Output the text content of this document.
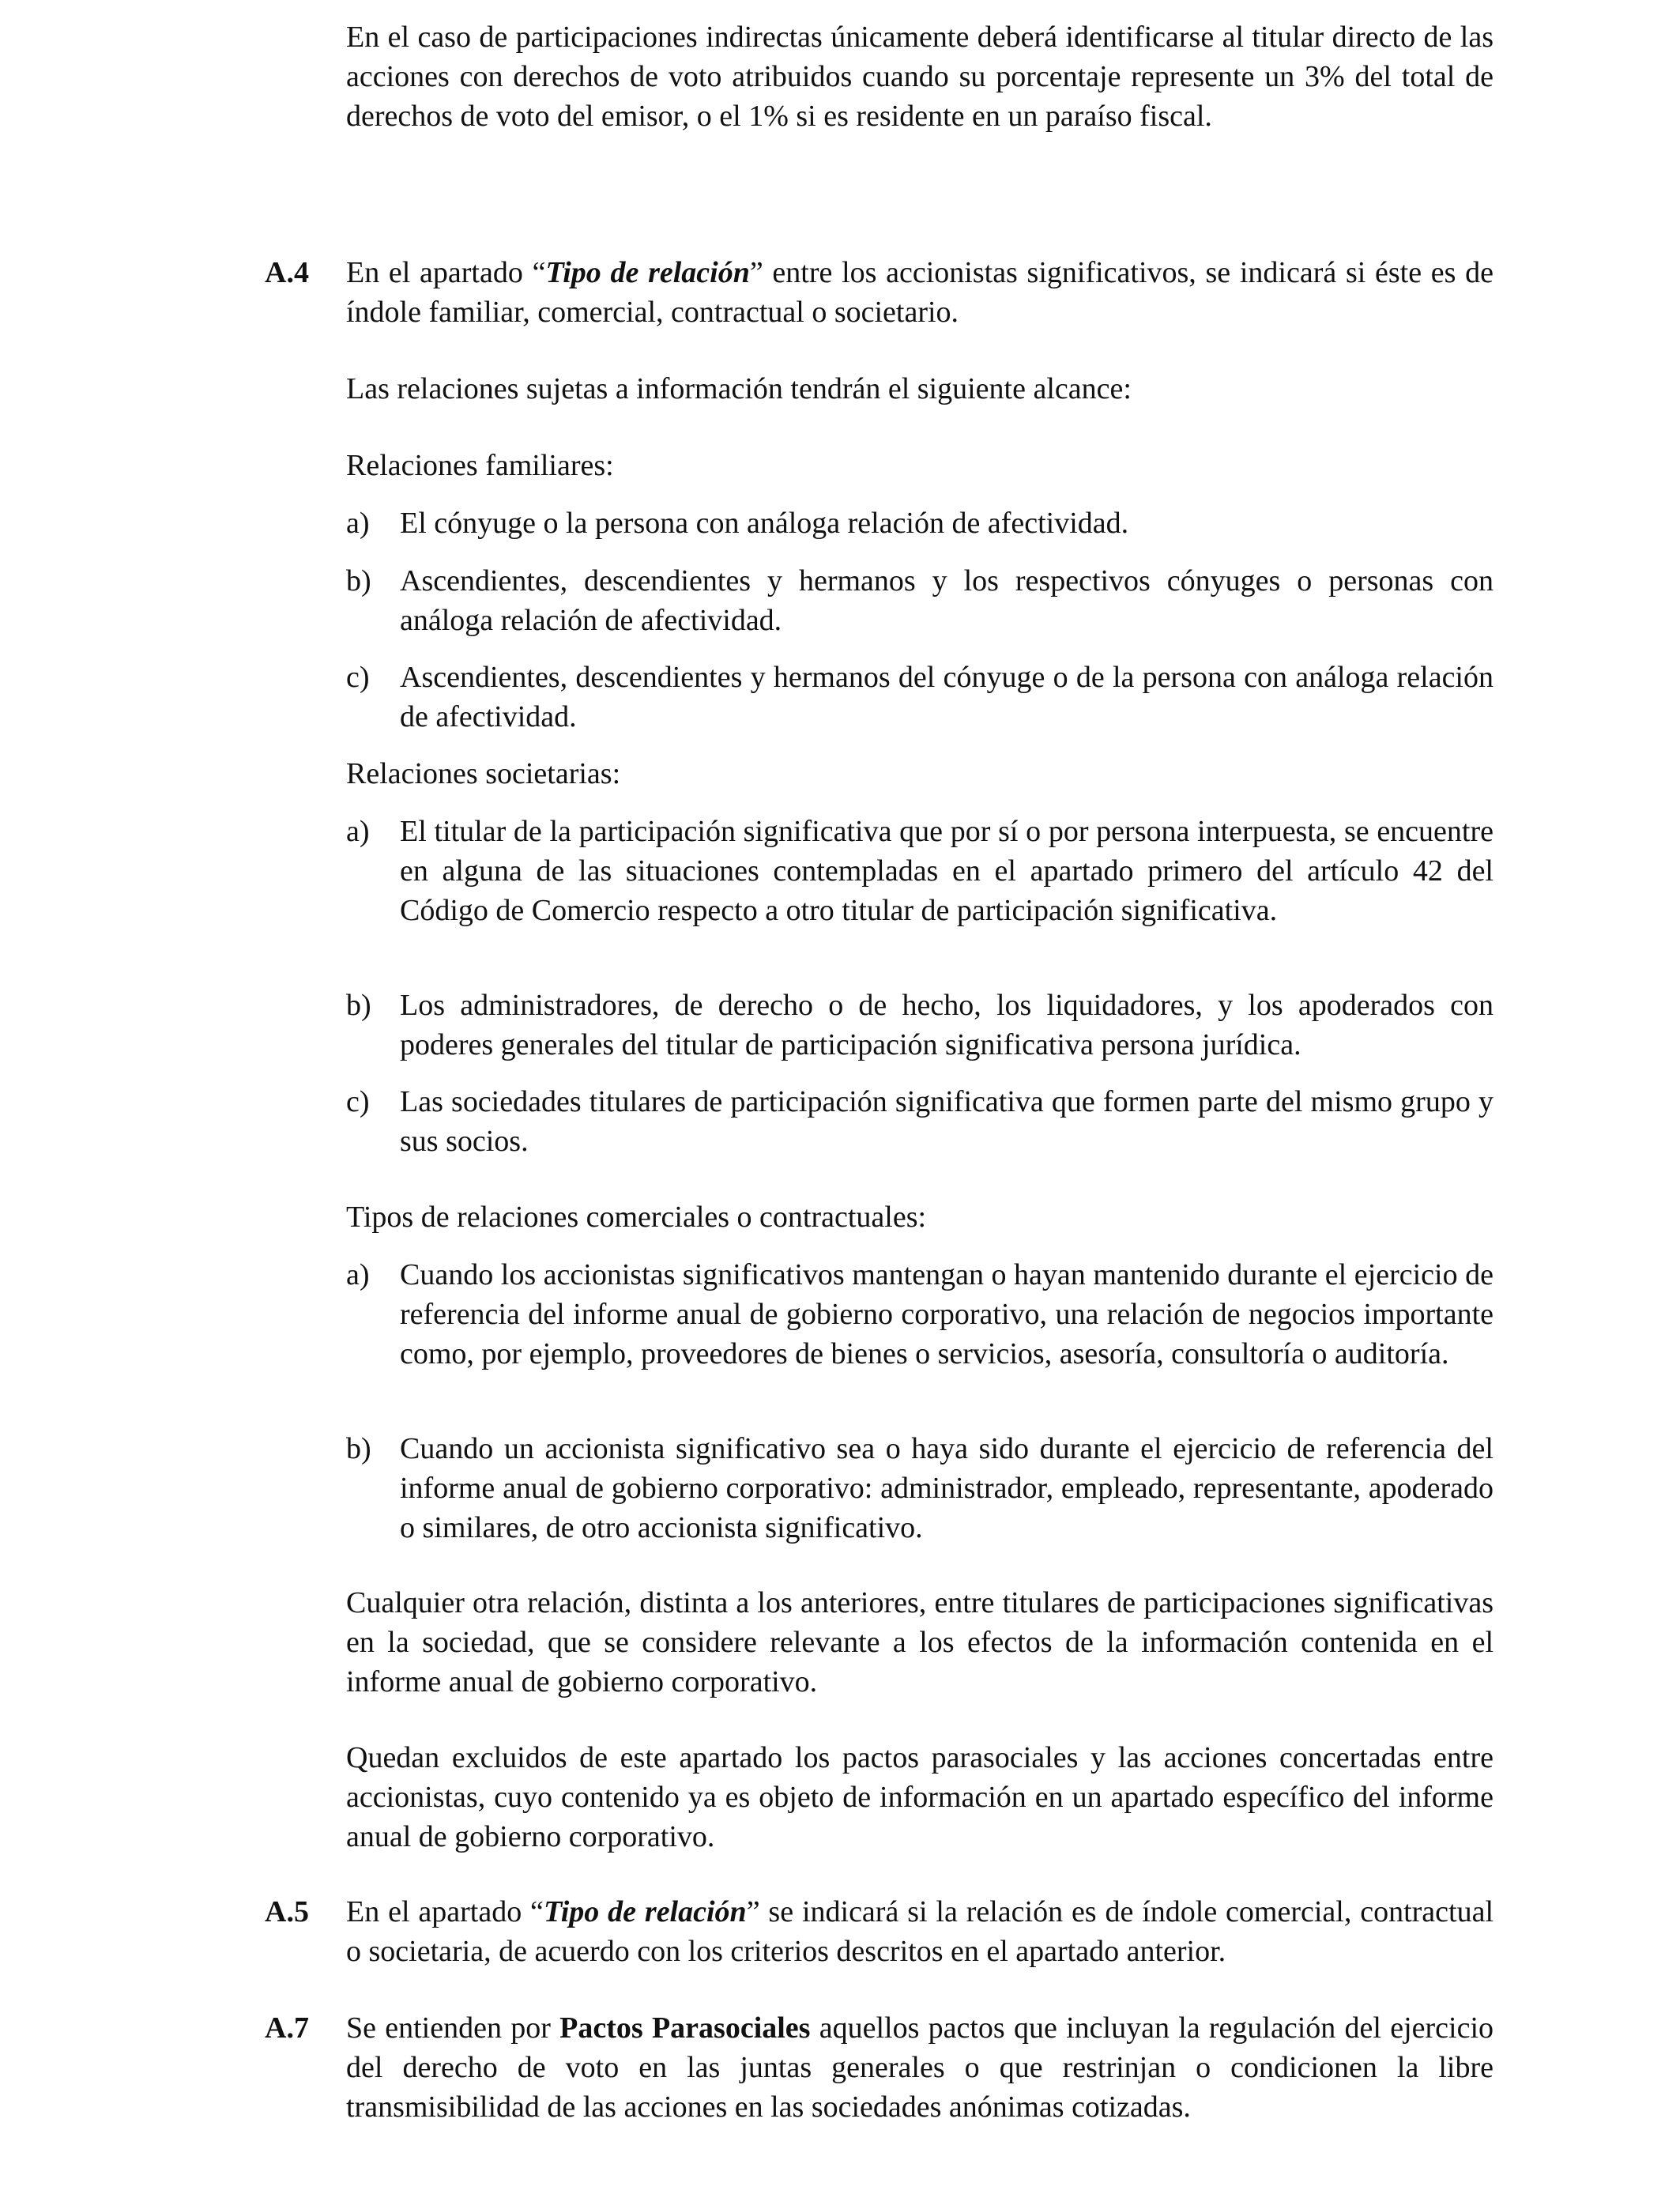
En el caso de participaciones indirectas únicamente deberá identificarse al titular directo de las acciones con derechos de voto atribuidos cuando su porcentaje represente un 3% del total de derechos de voto del emisor, o el 1% si es residente en un paraíso fiscal.

A.4 En el apartado “Tipo de relación” entre los accionistas significativos, se indicará si éste es de índole familiar, comercial, contractual o societario.

Las relaciones sujetas a información tendrán el siguiente alcance:

Relaciones familiares:

a) El cónyuge o la persona con análoga relación de afectividad.
b) Ascendientes, descendientes y hermanos y los respectivos cónyuges o personas con análoga relación de afectividad.
c) Ascendientes, descendientes y hermanos del cónyuge o de la persona con análoga relación de afectividad.

Relaciones societarias:

a) El titular de la participación significativa que por sí o por persona interpuesta, se encuentre en alguna de las situaciones contempladas en el apartado primero del artículo 42 del Código de Comercio respecto a otro titular de participación significativa.
b) Los administradores, de derecho o de hecho, los liquidadores, y los apoderados con poderes generales del titular de participación significativa persona jurídica.
c) Las sociedades titulares de participación significativa que formen parte del mismo grupo y sus socios.

Tipos de relaciones comerciales o contractuales:

a) Cuando los accionistas significativos mantengan o hayan mantenido durante el ejercicio de referencia del informe anual de gobierno corporativo, una relación de negocios importante como, por ejemplo, proveedores de bienes o servicios, asesoría, consultoría o auditoría.
b) Cuando un accionista significativo sea o haya sido durante el ejercicio de referencia del informe anual de gobierno corporativo: administrador, empleado, representante, apoderado o similares, de otro accionista significativo.

Cualquier otra relación, distinta a los anteriores, entre titulares de participaciones significativas en la sociedad, que se considere relevante a los efectos de la información contenida en el informe anual de gobierno corporativo.

Quedan excluidos de este apartado los pactos parasociales y las acciones concertadas entre accionistas, cuyo contenido ya es objeto de información en un apartado específico del informe anual de gobierno corporativo.

A.5 En el apartado “Tipo de relación” se indicará si la relación es de índole comercial, contractual o societaria, de acuerdo con los criterios descritos en el apartado anterior.

A.7 Se entienden por Pactos Parasociales aquellos pactos que incluyan la regulación del ejercicio del derecho de voto en las juntas generales o que restrinjan o condicionen la libre transmisibilidad de las acciones en las sociedades anónimas cotizadas.
